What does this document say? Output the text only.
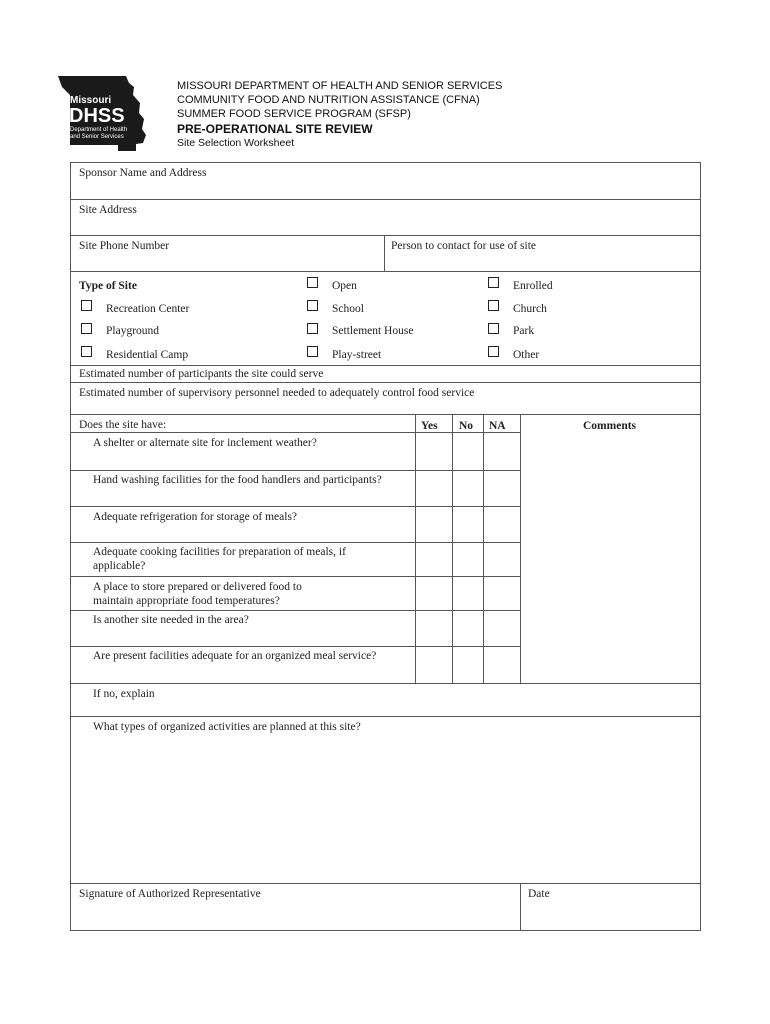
Missouri
DHSS
Department of Health
and Senior Services
MISSOURI DEPARTMENT OF HEALTH AND SENIOR SERVICES
COMMUNITY FOOD AND NUTRITION ASSISTANCE (CFNA)
SUMMER FOOD SERVICE PROGRAM (SFSP)
PRE-OPERATIONAL SITE REVIEW
Site Selection Worksheet
Sponsor Name and Address
Site Address
Site Phone Number	Person to contact for use of site
Type of Site	Open	Enrolled
Recreation Center	School	Church
Playground	Settlement House	Park
Residential Camp	Play-street	Other
Estimated number of participants the site could serve
Estimated number of supervisory personnel needed to adequately control food service
Does the site have:	Yes No NA	Comments
A shelter or alternate site for inclement weather?
Hand washing facilities for the food handlers and participants?
Adequate refrigeration for storage of meals?
Adequate cooking facilities for preparation of meals, if
applicable?
A place to store prepared or delivered food to
maintain appropriate food temperatures?
Is another site needed in the area?
Are present facilities adequate for an organized meal service?
If no, explain
What types of organized activities are planned at this site?
Signature of Authorized Representative	Date
